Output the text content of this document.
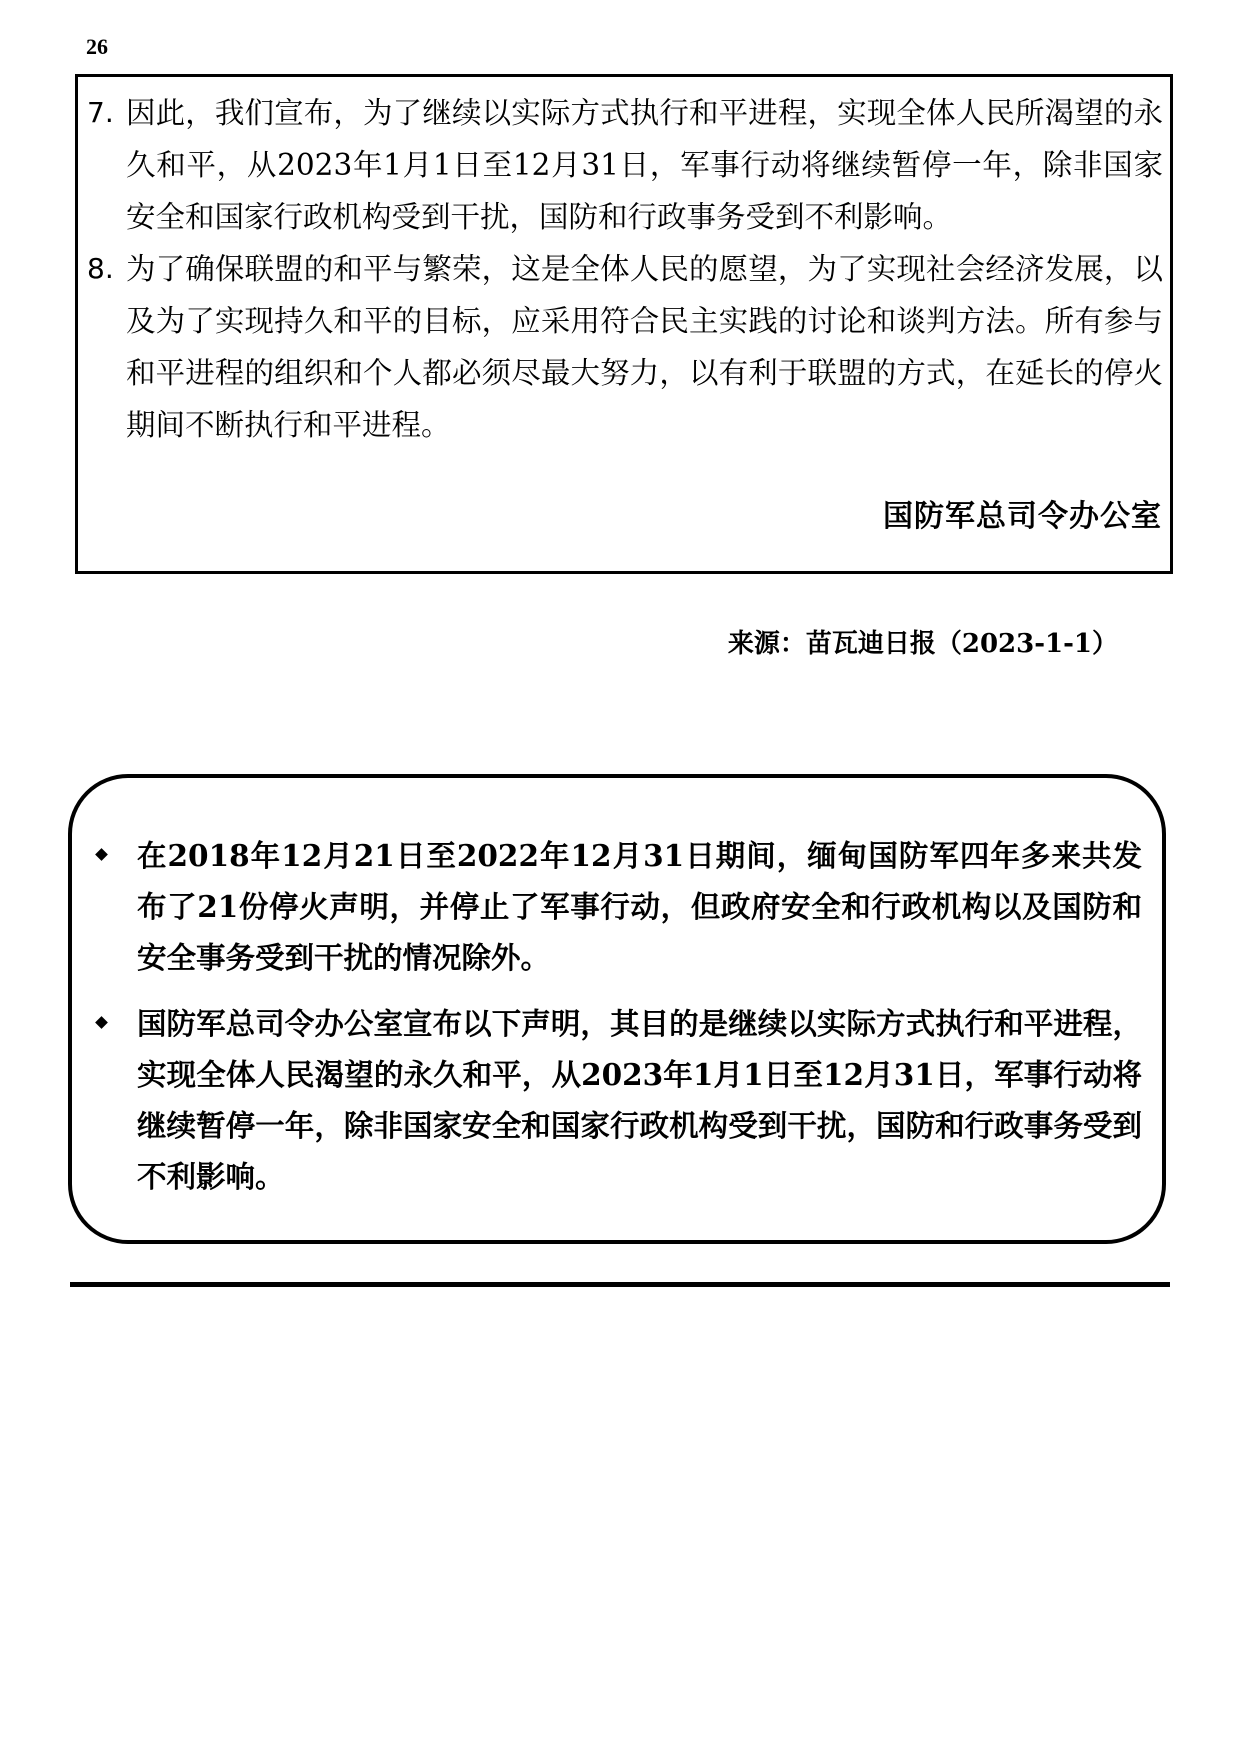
26
7. 因此，我们宣布，为了继续以实际方式执行和平进程，实现全体人民所渴望的永久和平，从2023年1月1日至12月31日，军事行动将继续暂停一年，除非国家安全和国家行政机构受到干扰，国防和行政事务受到不利影响。
8. 为了确保联盟的和平与繁荣，这是全体人民的愿望，为了实现社会经济发展，以及为了实现持久和平的目标，应采用符合民主实践的讨论和谈判方法。所有参与和平进程的组织和个人都必须尽最大努力，以有利于联盟的方式，在延长的停火期间不断执行和平进程。
国防军总司令办公室
来源：苗瓦迪日报（2023-1-1）
在2018年12月21日至2022年12月31日期间，缅甸国防军四年多来共发布了21份停火声明，并停止了军事行动，但政府安全和行政机构以及国防和安全事务受到干扰的情况除外。
国防军总司令办公室宣布以下声明，其目的是继续以实际方式执行和平进程，实现全体人民渴望的永久和平，从2023年1月1日至12月31日，军事行动将继续暂停一年，除非国家安全和国家行政机构受到干扰，国防和行政事务受到不利影响。
